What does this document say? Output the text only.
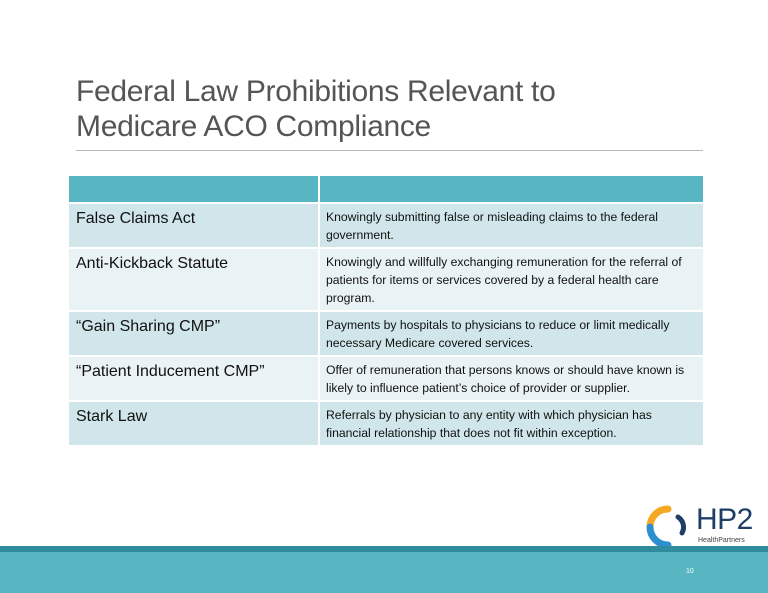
Federal Law Prohibitions Relevant to
Medicare ACO Compliance

False Claims Act	Knowingly submitting false or misleading claims to the federal government.
Anti-Kickback Statute	Knowingly and willfully exchanging remuneration for the referral of patients for items or services covered by a federal health care program.
“Gain Sharing CMP”	Payments by hospitals to physicians to reduce or limit medically necessary Medicare covered services.
“Patient Inducement CMP”	Offer of remuneration that persons knows or should have known is likely to influence patient’s choice of provider or supplier.
Stark Law	Referrals by physician to any entity with which physician has financial relationship that does not fit within exception.
HP2
HealthPartners
10
